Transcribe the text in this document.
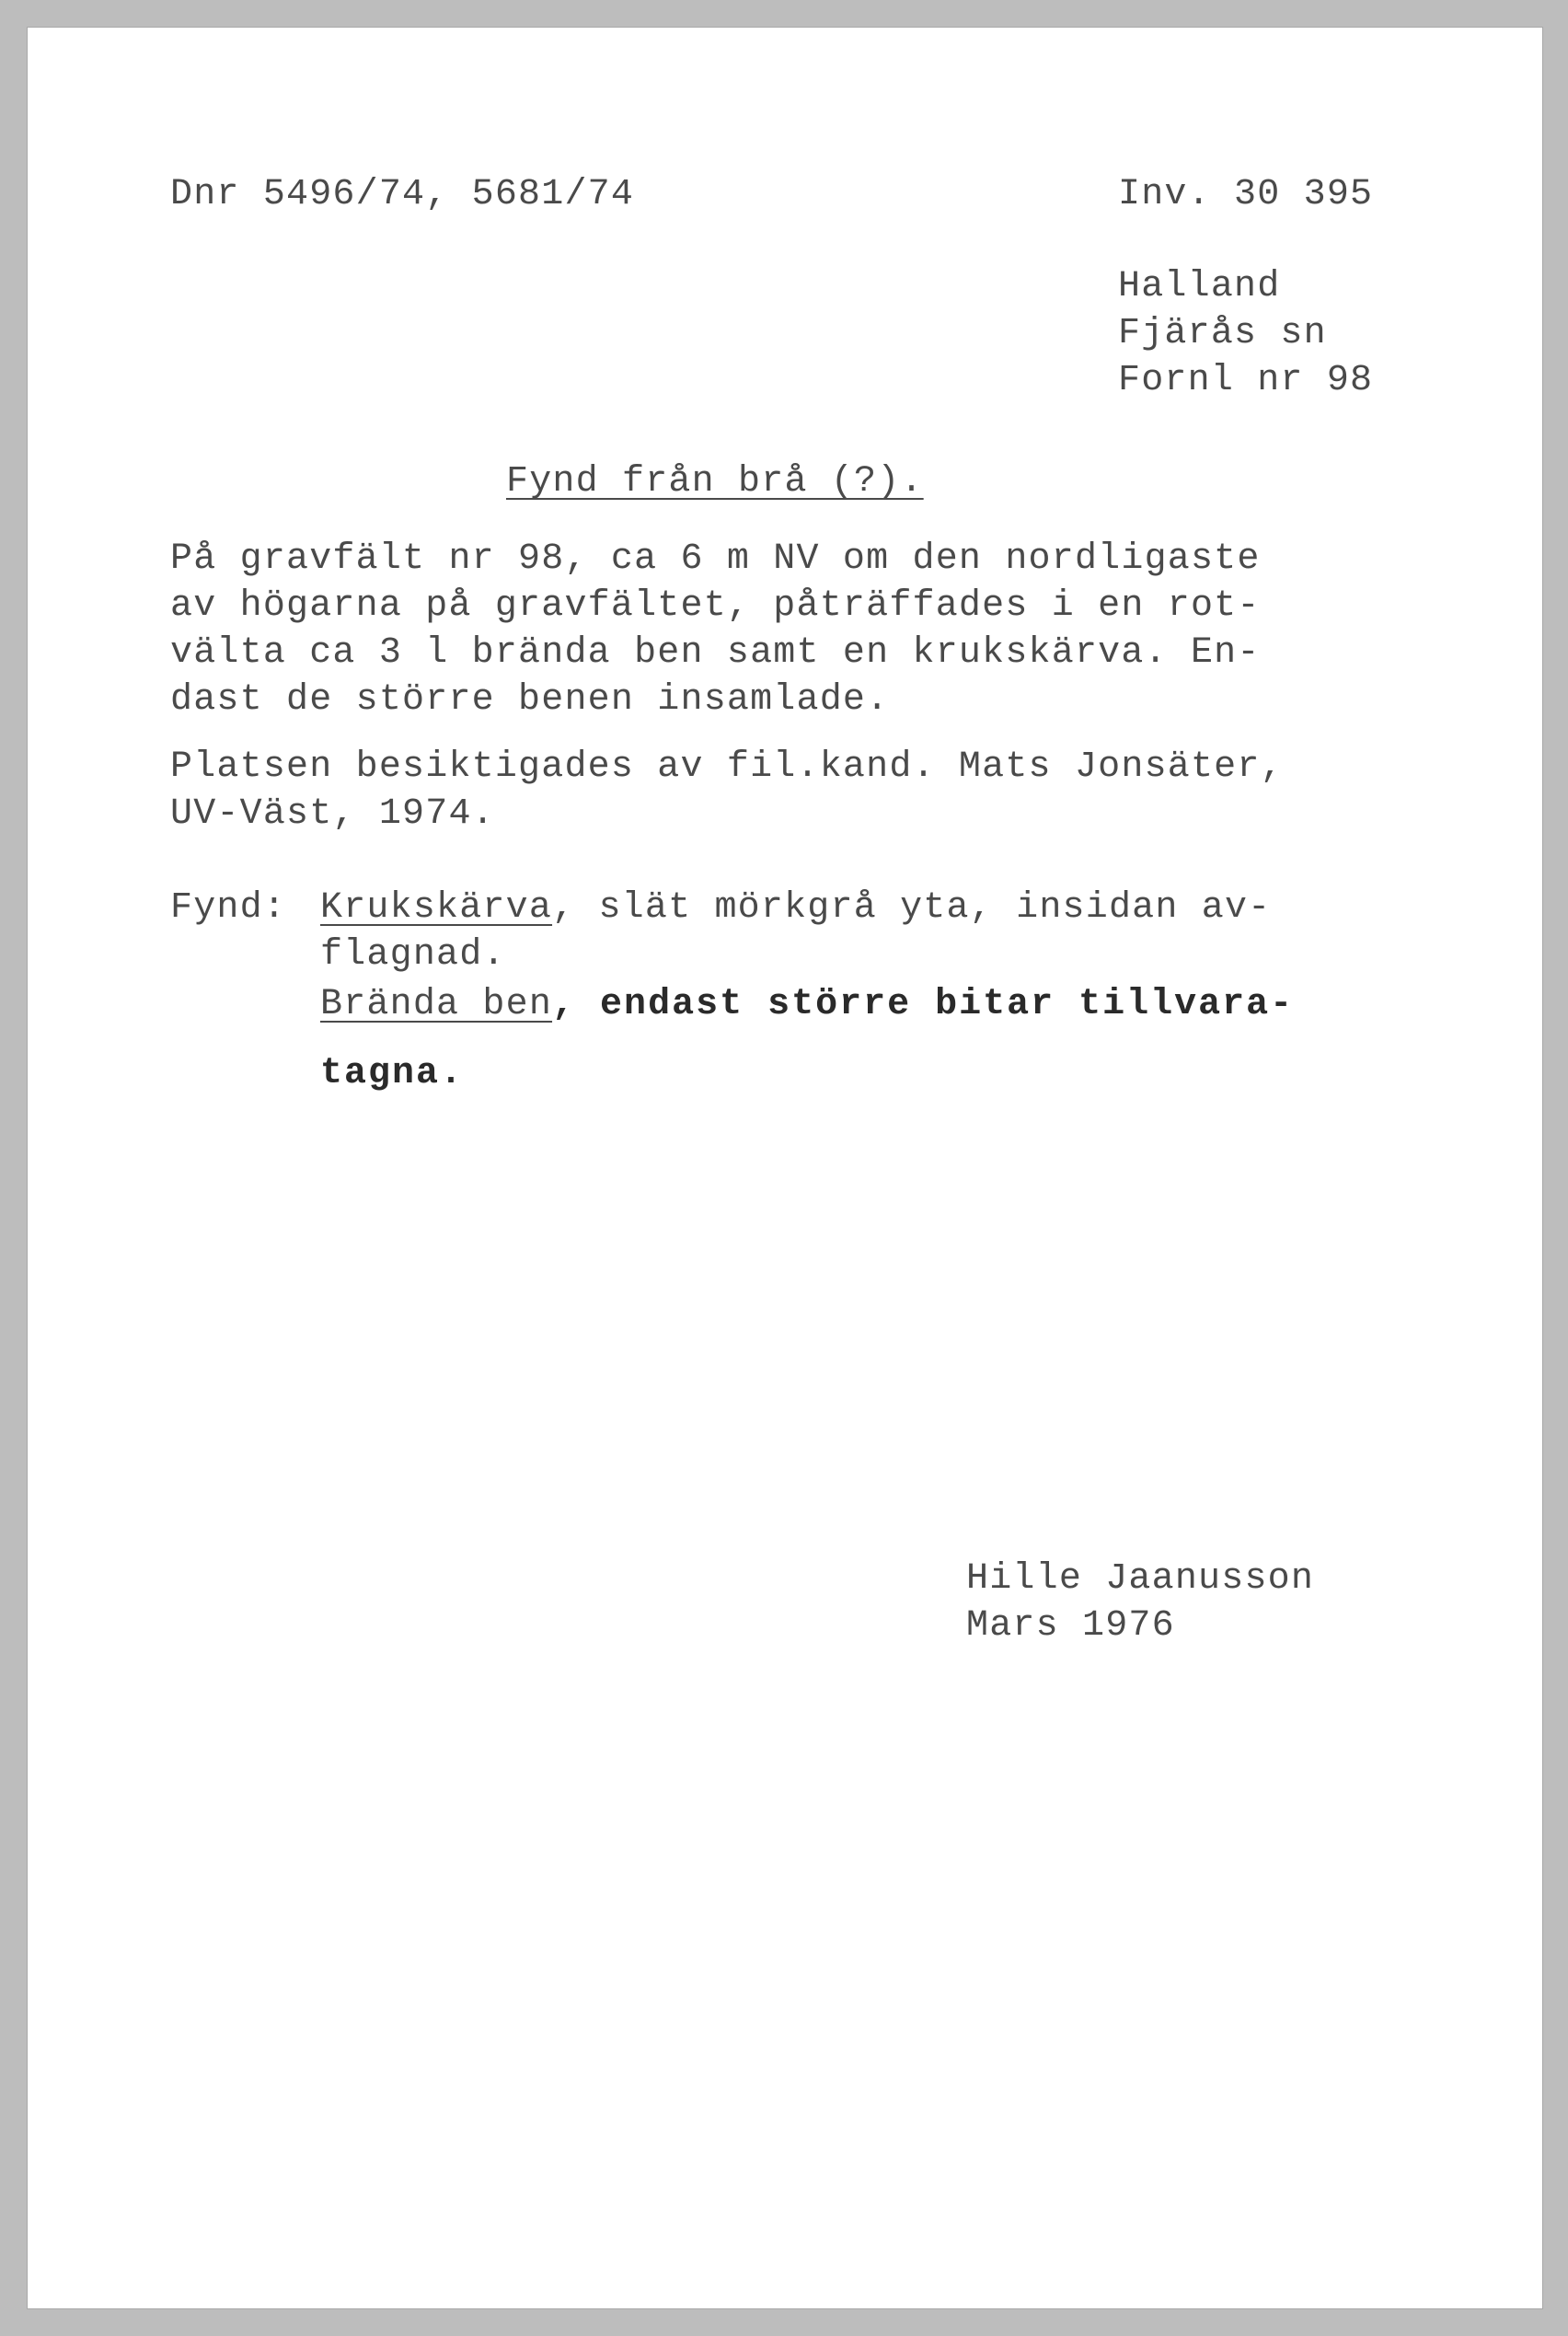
Dnr 5496/74, 5681/74	Inv. 30 395
Halland
Fjärås sn
Fornl nr 98
Fynd från brå (?).
På gravfält nr 98, ca 6 m NV om den nordligaste
av högarna på gravfältet, påträffades i en rot-
välta ca 3 l brända ben samt en krukskärva. En-
dast de större benen insamlade.
Platsen besiktigades av fil.kand. Mats Jonsäter,
UV-Väst, 1974.
Fynd: Krukskärva, slät mörkgrå yta, insidan av-
flagnad.
Brända ben, endast större bitar tillvara-
tagna.
Hille Jaanusson
Mars 1976
